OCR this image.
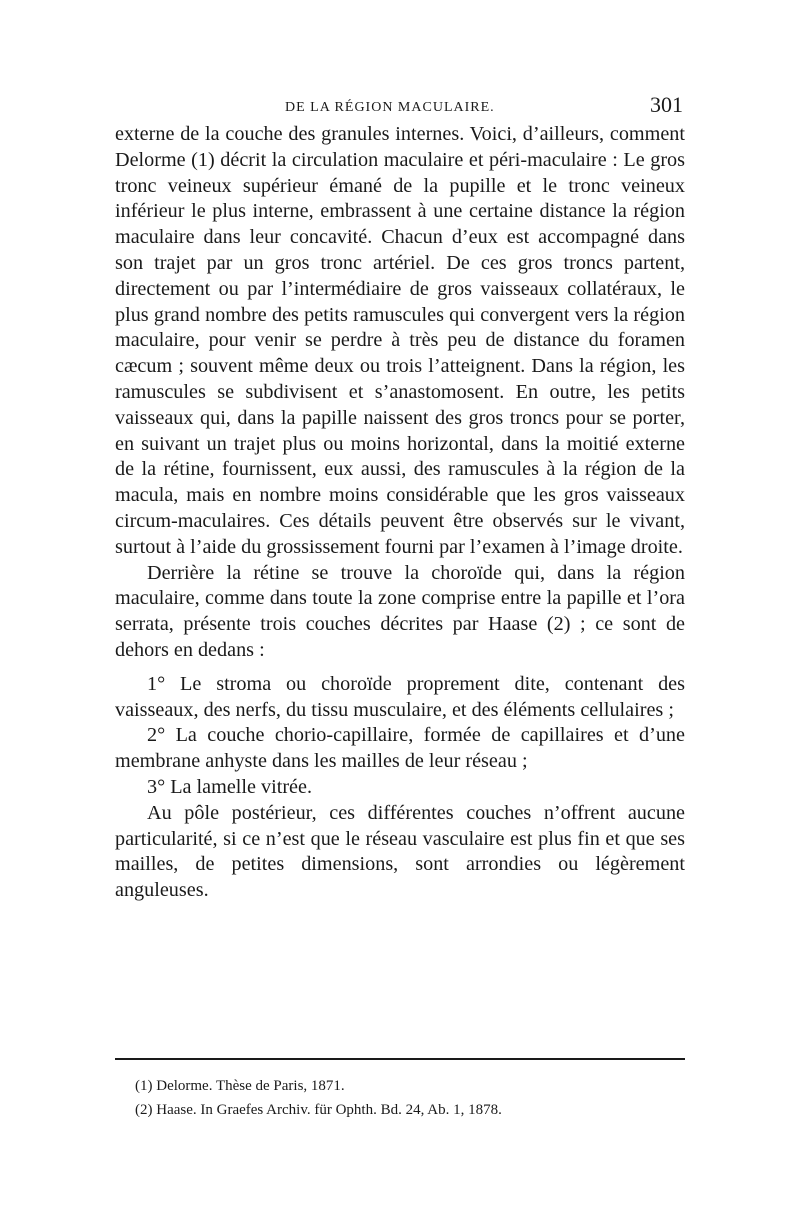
DE LA RÉGION MACULAIRE.	301

externe de la couche des granules internes. Voici, d’ailleurs, comment Delorme (1) décrit la circulation maculaire et péri-maculaire : Le gros tronc veineux supérieur émané de la pupille et le tronc veineux inférieur le plus interne, embrassent à une certaine distance la région maculaire dans leur concavité. Chacun d’eux est accompagné dans son trajet par un gros tronc artériel. De ces gros troncs partent, directement ou par l’intermédiaire de gros vaisseaux collatéraux, le plus grand nombre des petits ramuscules qui convergent vers la région maculaire, pour venir se perdre à très peu de distance du foramen cæcum ; souvent même deux ou trois l’atteignent. Dans la région, les ramuscules se subdivisent et s’anastomosent. En outre, les petits vaisseaux qui, dans la papille naissent des gros troncs pour se porter, en suivant un trajet plus ou moins horizontal, dans la moitié externe de la rétine, fournissent, eux aussi, des ramuscules à la région de la macula, mais en nombre moins considérable que les gros vaisseaux circum-maculaires. Ces détails peuvent être observés sur le vivant, surtout à l’aide du grossissement fourni par l’examen à l’image droite.

Derrière la rétine se trouve la choroïde qui, dans la région maculaire, comme dans toute la zone comprise entre la papille et l’ora serrata, présente trois couches décrites par Haase (2) ; ce sont de dehors en dedans :

1° Le stroma ou choroïde proprement dite, contenant des vaisseaux, des nerfs, du tissu musculaire, et des éléments cellulaires ;

2° La couche chorio-capillaire, formée de capillaires et d’une membrane anhyste dans les mailles de leur réseau ;

3° La lamelle vitrée.

Au pôle postérieur, ces différentes couches n’offrent aucune particularité, si ce n’est que le réseau vasculaire est plus fin et que ses mailles, de petites dimensions, sont arrondies ou légèrement anguleuses.

(1) Delorme. Thèse de Paris, 1871.

(2) Haase. In Graefes Archiv. für Ophth. Bd. 24, Ab. 1, 1878.
